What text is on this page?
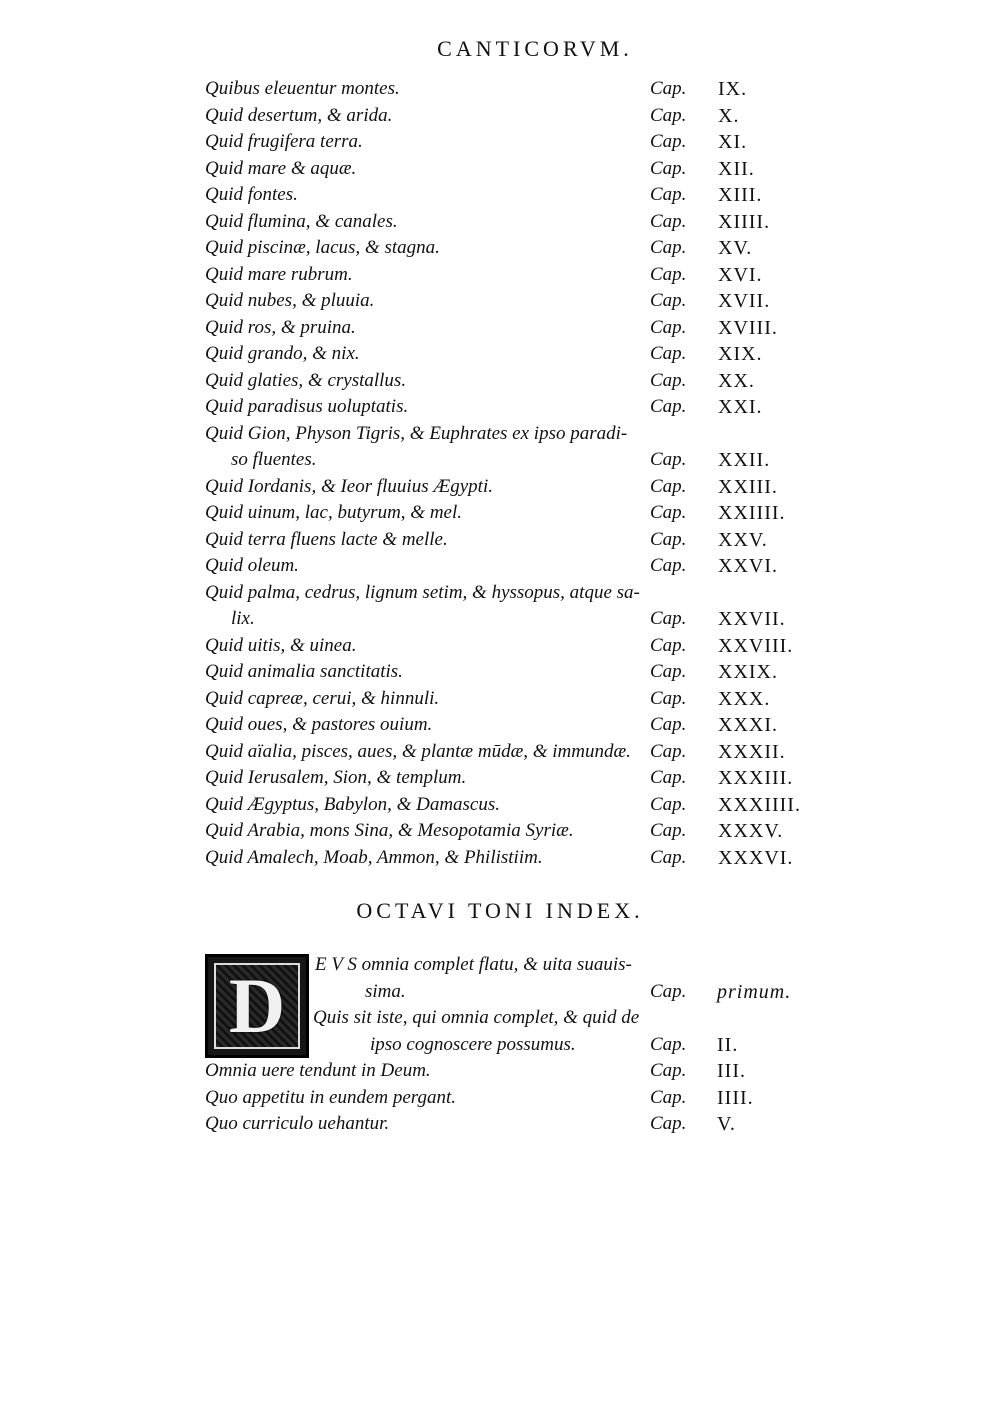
CANTICORVM.
Quibus eleuentur montes.	Cap. IX.
Quid desertum, & arida.	Cap. X.
Quid frugifera terra.	Cap. XI.
Quid mare & aquæ.	Cap. XII.
Quid fontes.	Cap. XIII.
Quid flumina, & canales.	Cap. XIIII.
Quid piscinæ, lacus, & stagna.	Cap. XV.
Quid mare rubrum.	Cap. XVI.
Quid nubes, & pluuia.	Cap. XVII.
Quid ros, & pruina.	Cap. XVIII.
Quid grando, & nix.	Cap. XIX.
Quid glaties, & crystallus.	Cap. XX.
Quid paradisus uoluptatis.	Cap. XXI.
Quid Gion, Physon Tigris, & Euphrates ex ipso paradi-
so fluentes.	Cap. XXII.
Quid Iordanis, & Ieor fluuius Ægypti.	Cap. XXIII.
Quid uinum, lac, butyrum, & mel.	Cap. XXIIII.
Quid terra fluens lacte & melle.	Cap. XXV.
Quid oleum.	Cap. XXVI.
Quid palma, cedrus, lignum setim, & hyssopus, atque sa-
lix.	Cap. XXVII.
Quid uitis, & uinea.	Cap. XXVIII.
Quid animalia sanctitatis.	Cap. XXIX.
Quid capreæ, cerui, & hinnuli.	Cap. XXX.
Quid oues, & pastores ouium.	Cap. XXXI.
Quid aïalia, pisces, aues, & plantæ mūdæ, & immundæ. Cap. XXXII.
Quid Ierusalem, Sion, & templum.	Cap. XXXIII.
Quid Ægyptus, Babylon, & Damascus.	Cap. XXXIIII.
Quid Arabia, mons Sina, & Mesopotamia Syriæ.	Cap. XXXV.
Quid Amalech, Moab, Ammon, & Philistiim.	Cap. XXXVI.
OCTAVI TONI INDEX.
D E V S omnia complet flatu, & uita suauis-
sima.	Cap. primum.
Quis sit iste, qui omnia complet, & quid de
ipso cognoscere possumus.	Cap. II.
Omnia uere tendunt in Deum.	Cap. III.
Quo appetitu in eundem pergant.	Cap. IIII.
Quo curriculo uehantur.	Cap. V.
